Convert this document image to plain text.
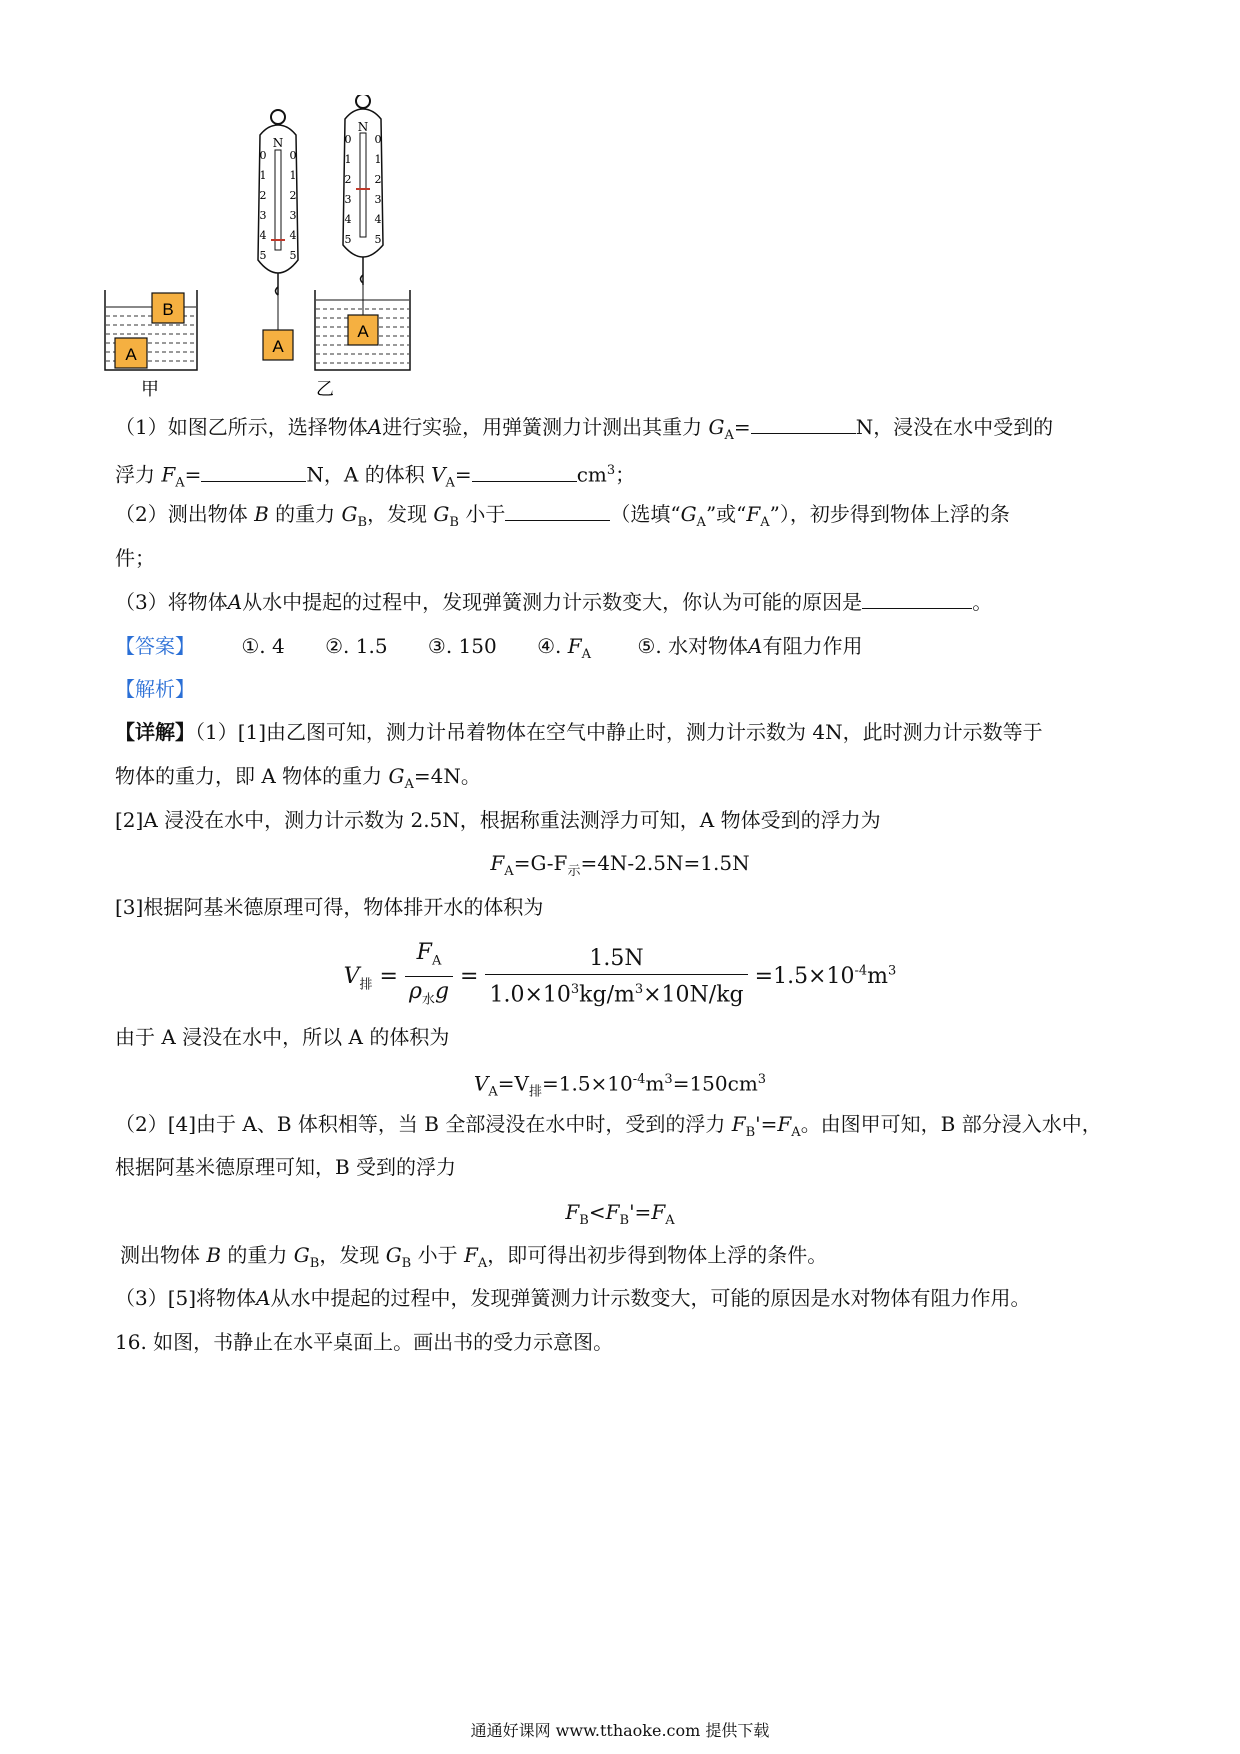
B
A
甲
N
0 0
1 1
2 2
3 3
4 4
5 5
A
N
0 0
1 1
2 2
3 3
4 4
5 5
A
乙
（1）如图乙所示，选择物体A进行实验，用弹簧测力计测出其重力 $G_A=$	N，浸没在水中受到的
浮力 $F_A=$	N，A 的体积 $V_A=$	$cm^3$；
（2）测出物体 B 的重力 $G_B$，发现 $G_B$ 小于	（选填“$G_A$”或“$F_A$”），初步得到物体上浮的条
件；
（3）将物体A从水中提起的过程中，发现弹簧测力计示数变大，你认为可能的原因是	。
【答案】 ①. 4 ②. 1.5 ③. 150 ④. $F_A$ ⑤. 水对物体A有阻力作用
【解析】
【详解】（1）[1]由乙图可知，测力计吊着物体在空气中静止时，测力计示数为 4N，此时测力计示数等于
物体的重力，即 A 物体的重力 $G_A=4N$。
[2]A 浸没在水中，测力计示数为 2.5N，根据称重法测浮力可知，A 物体受到的浮力为
$F_A=G-F_示=4N-2.5N=1.5N$
[3]根据阿基米德原理可得，物体排开水的体积为
$V_排 = \frac{F_A}{\rho_水g} = \frac{1.5N}{1.0\times 10^3kg/m^3\times 10N/kg} =1.5\times 10^{-4}m^3$
由于 A 浸没在水中，所以 A 的体积为
$V_A=V_排=1.5\times 10^{-4}m^3=150cm^3$
（2）[4]由于 A、B 体积相等，当 B 全部浸没在水中时，受到的浮力 $F_B'=F_A$。由图甲可知，B 部分浸入水中，
根据阿基米德原理可知，B 受到的浮力
$F_B<F_B'=F_A$
测出物体 B 的重力 $G_B$，发现 $G_B$ 小于 $F_A$，即可得出初步得到物体上浮的条件。
（3）[5]将物体A从水中提起的过程中，发现弹簧测力计示数变大，可能的原因是水对物体有阻力作用。
16. 如图，书静止在水平桌面上。画出书的受力示意图。
通通好课网 www.tthaoke.com 提供下载
